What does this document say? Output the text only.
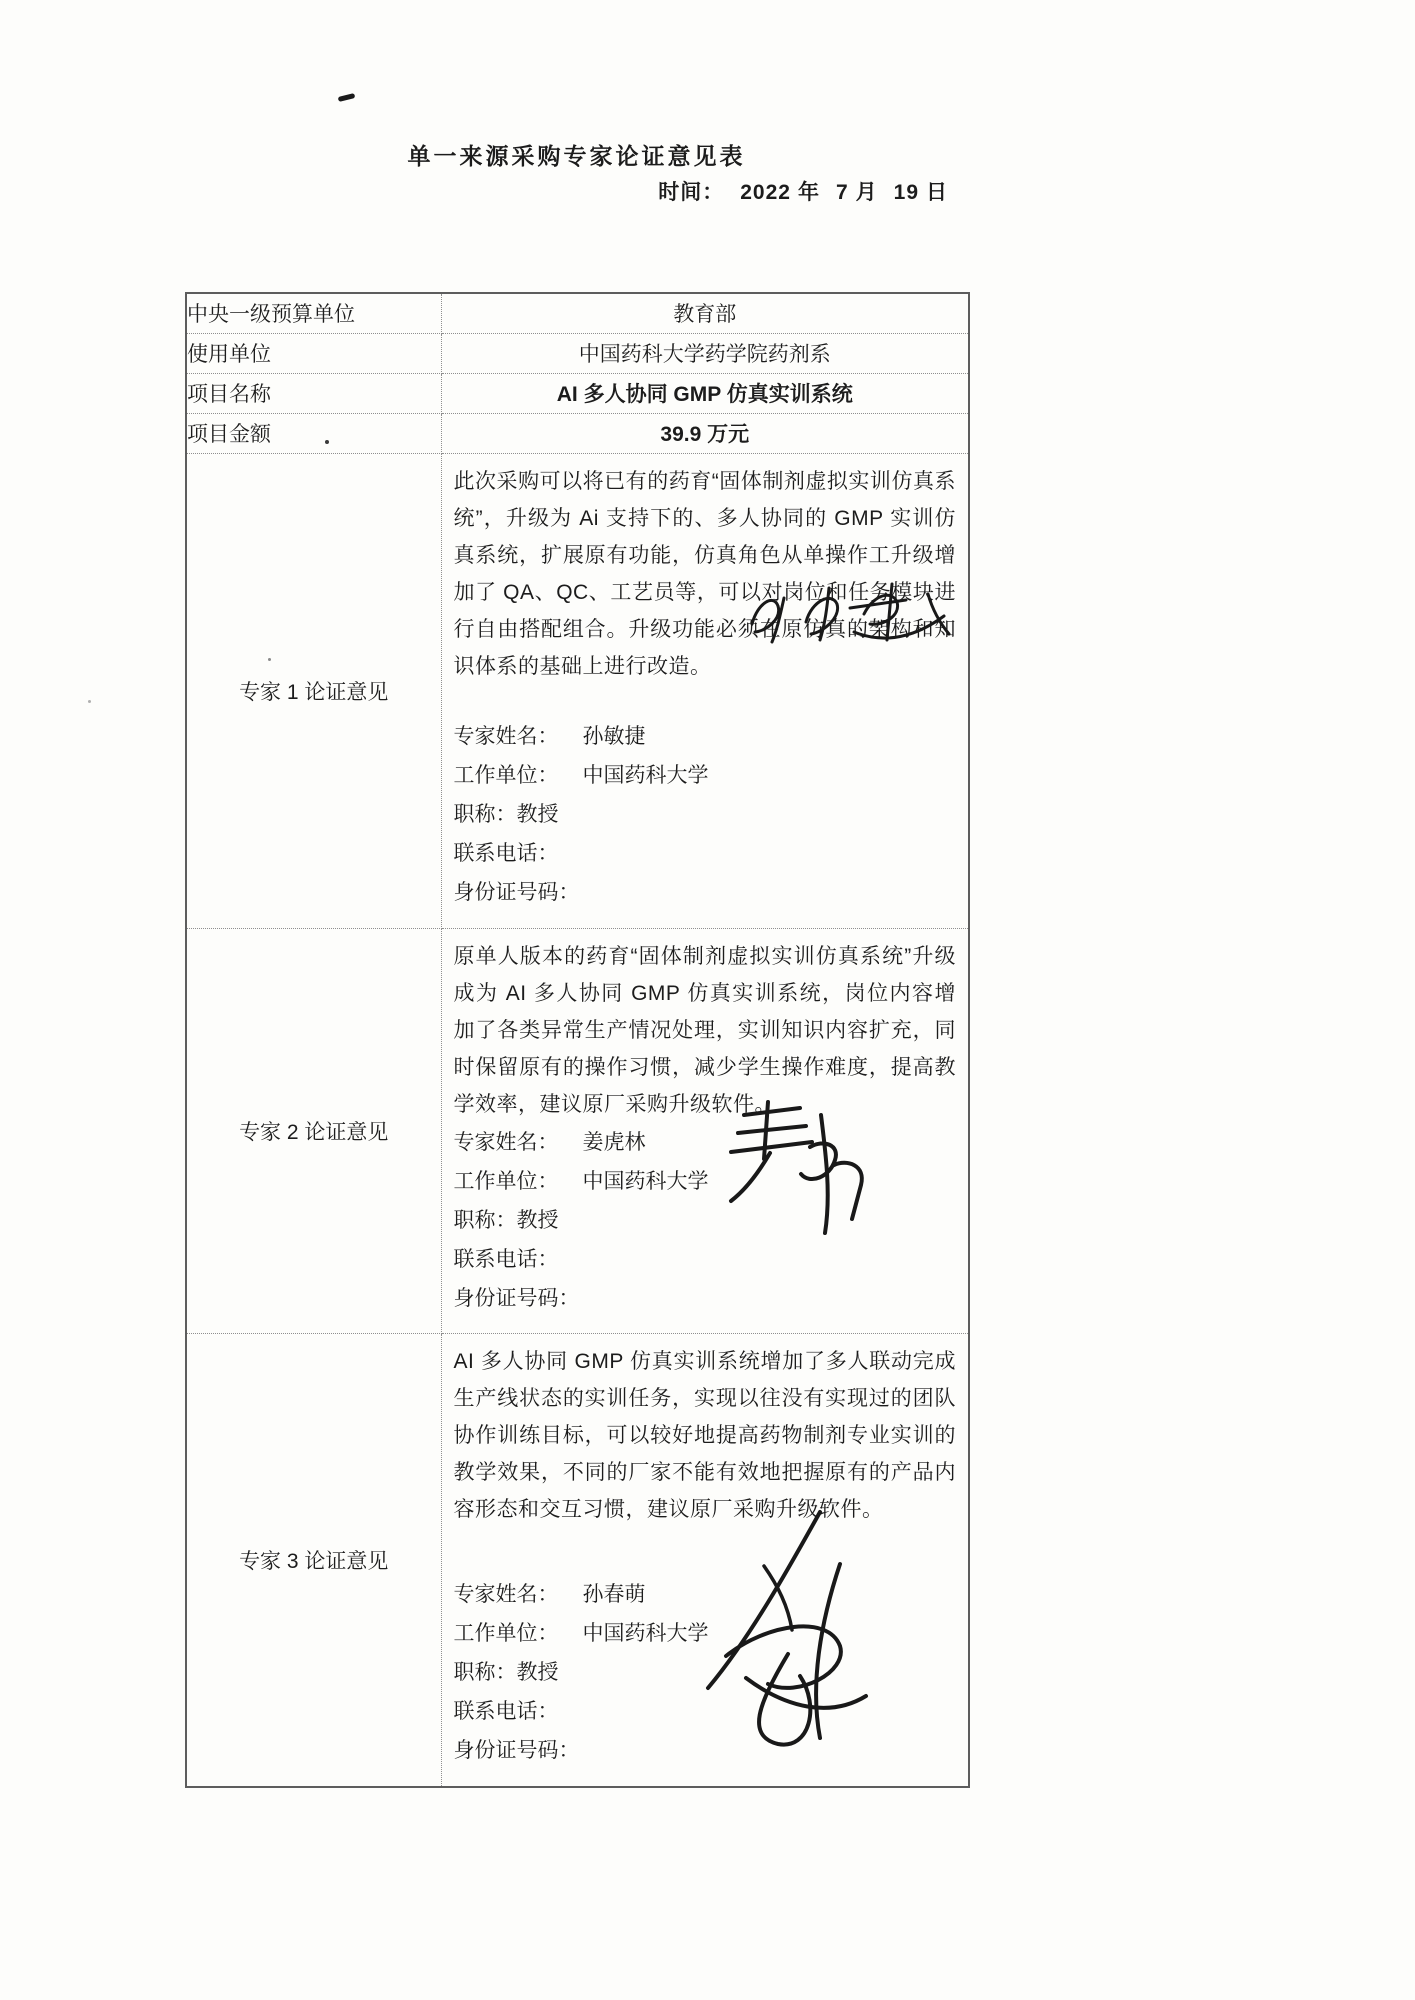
单一来源采购专家论证意见表
时间： 2022 年 7 月 19 日
中央一级预算单位	教育部
使用单位	中国药科大学药学院药剂系
项目名称	AI 多人协同 GMP 仿真实训系统
项目金额	39.9 万元
专家 1 论证意见	
此次采购可以将已有的药育“固体制剂虚拟实训仿真系统”，升级为 Ai 支持下的、多人协同的 GMP 实训仿真系统，扩展原有功能，仿真角色从单操作工升级增加了 QA、QC、工艺员等，可以对岗位和任务模块进行自由搭配组合。升级功能必须在原仿真的架构和知识体系的基础上进行改造。
专家姓名： 孙敏捷
工作单位： 中国药科大学
职称：教授
联系电话：
身份证号码：

专家 2 论证意见	
原单人版本的药育“固体制剂虚拟实训仿真系统”升级成为 AI 多人协同 GMP 仿真实训系统，岗位内容增加了各类异常生产情况处理，实训知识内容扩充，同时保留原有的操作习惯，减少学生操作难度，提高教学效率，建议原厂采购升级软件。
专家姓名： 姜虎林
工作单位： 中国药科大学
职称：教授
联系电话：
身份证号码：

专家 3 论证意见	
AI 多人协同 GMP 仿真实训系统增加了多人联动完成生产线状态的实训任务，实现以往没有实现过的团队协作训练目标，可以较好地提高药物制剂专业实训的教学效果，不同的厂家不能有效地把握原有的产品内容形态和交互习惯，建议原厂采购升级软件。
专家姓名： 孙春萌
工作单位： 中国药科大学
职称：教授
联系电话：
身份证号码：
